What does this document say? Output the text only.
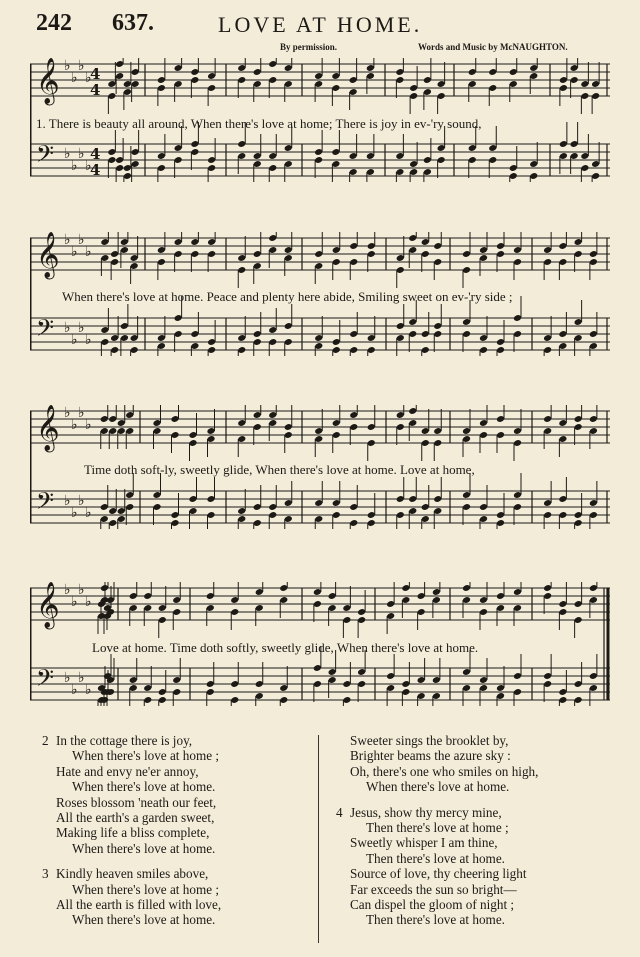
242 637.	LOVE AT HOME.
By permission.	Words and Music by McNAUGHTON.
𝄞 ♭
♭
♭
♭
4
4
𝄢 ♭
♭
♭
♭
4
4
1. There is beauty all around, When there's love at home; There is joy in ev-'ry sound,
𝄞 ♭
♭
♭
♭
𝄢 ♭
♭
♭
♭
When there's love at home. Peace and plenty here abide, Smiling sweet on ev-'ry side ;
𝄞 ♭
♭
♭
♭
𝄢 ♭
♭
♭
♭
Time doth soft-ly, sweetly glide, When there's love at home. Love at home,
𝄞 ♭
♭
♭
♭
𝄢 ♭
♭
♭
♭
Love at home. Time doth softly, sweetly glide, When there's love at home.
2 In the cottage there is joy,
When there's love at home ;
Hate and envy ne'er annoy,
When there's love at home.
Roses blossom 'neath our feet,
All the earth's a garden sweet,
Making life a bliss complete,
When there's love at home.
3 Kindly heaven smiles above,
When there's love at home ;
All the earth is filled with love,
When there's love at home.
Sweeter sings the brooklet by,
Brighter beams the azure sky :
Oh, there's one who smiles on high,
When there's love at home.
4 Jesus, show thy mercy mine,
Then there's love at home ;
Sweetly whisper I am thine,
Then there's love at home.
Source of love, thy cheering light
Far exceeds the sun so bright—
Can dispel the gloom of night ;
Then there's love at home.
